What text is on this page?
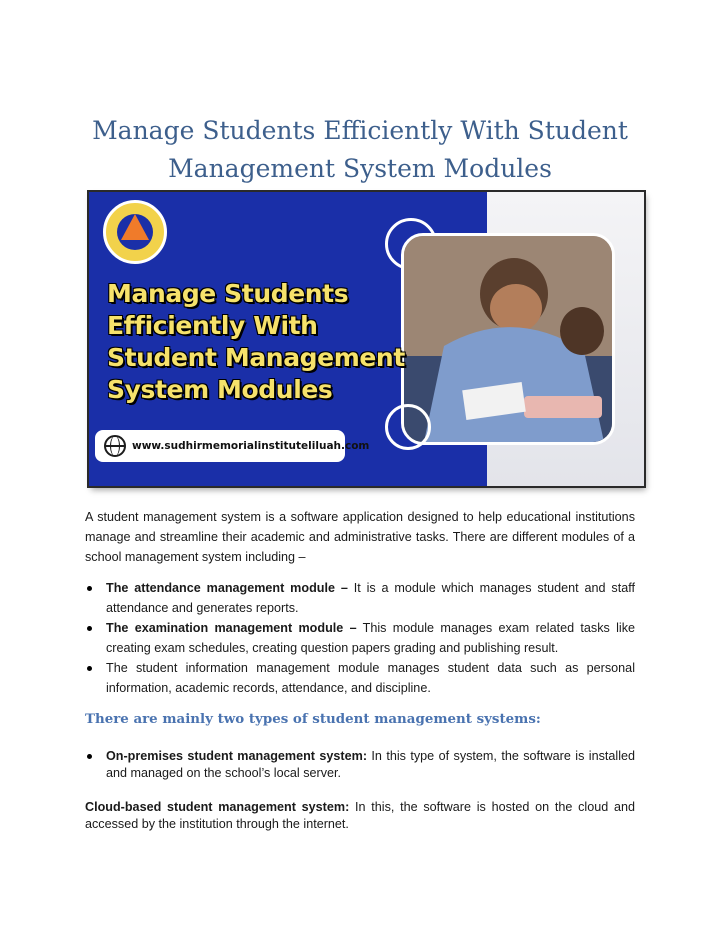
Manage Students Efficiently With Student
Management System Modules
Manage Students
Efficiently With
Student Management
System Modules
www.sudhirmemorialinstituteliluah.com

A student management system is a software application designed to help educational institutions manage and streamline their academic and administrative tasks. There are different modules of a school management system including –

The attendance management module – It is a module which manages student and staff attendance and generates reports.
The examination management module – This module manages exam related tasks like creating exam schedules, creating question papers grading and publishing result.
The student information management module manages student data such as personal information, academic records, attendance, and discipline.
There are mainly two types of student management systems:
On-premises student management system: In this type of system, the software is installed and managed on the school’s local server.

Cloud-based student management system: In this, the software is hosted on the cloud and accessed by the institution through the internet.
